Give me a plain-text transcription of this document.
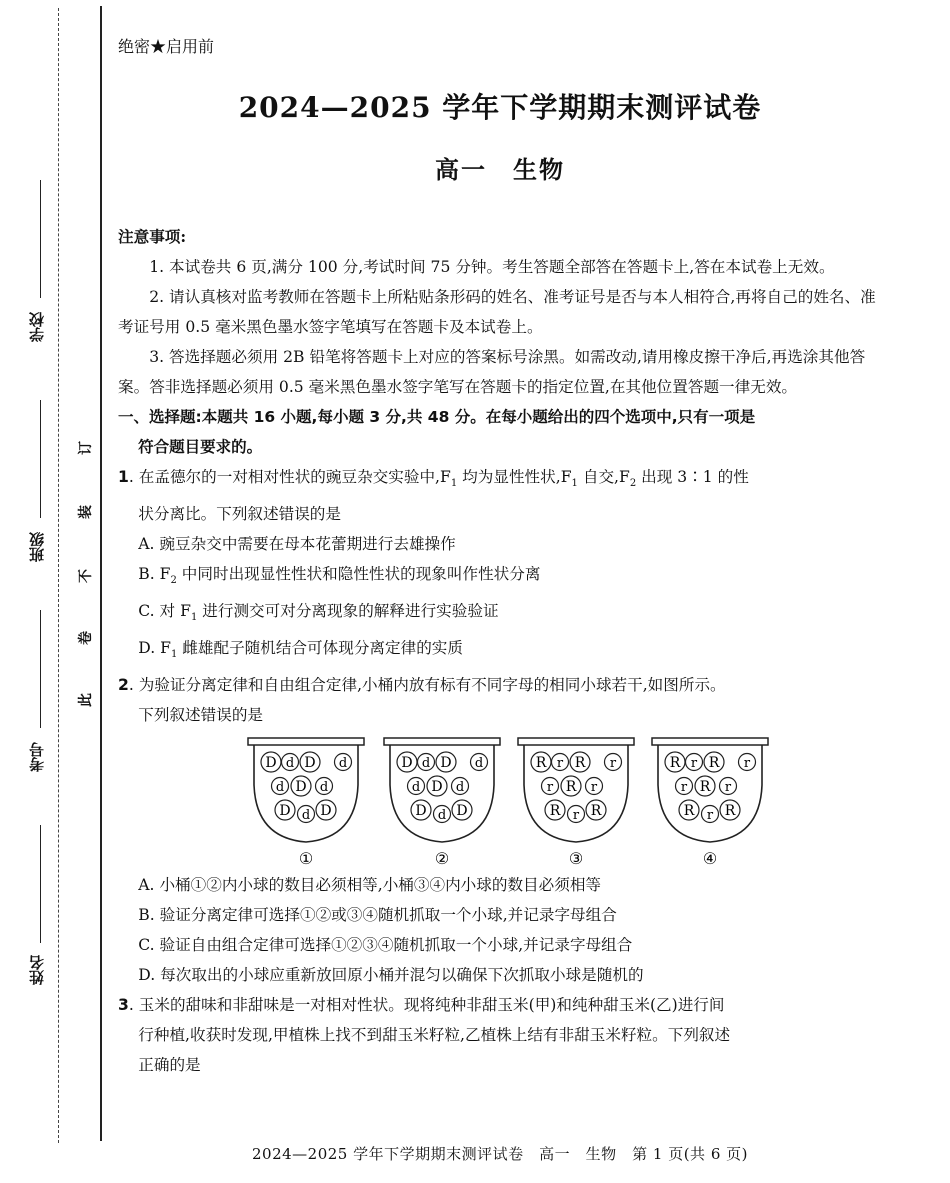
学校
班级
考号
姓名
订
装
不
卷
此
绝密★启用前
2024—2025 学年下学期期末测评试卷
高一　生物

注意事项:

1. 本试卷共 6 页,满分 100 分,考试时间 75 分钟。考生答题全部答在答题卡上,答在本试卷上无效。

2. 请认真核对监考教师在答题卡上所粘贴条形码的姓名、准考证号是否与本人相符合,再将自己的姓名、准考证号用 0.5 毫米黑色墨水签字笔填写在答题卡及本试卷上。

3. 答选择题必须用 2B 铅笔将答题卡上对应的答案标号涂黑。如需改动,请用橡皮擦干净后,再选涂其他答案。答非选择题必须用 0.5 毫米黑色墨水签字笔写在答题卡的指定位置,在其他位置答题一律无效。

一、选择题:本题共 16 小题,每小题 3 分,共 48 分。在每小题给出的四个选项中,只有一项是

符合题目要求的。

1. 在孟德尔的一对相对性状的豌豆杂交实验中$,F_1$ 均为显性性状$,F_1$ 自交$,F_2$ 出现 3∶1 的性

状分离比。下列叙述错误的是

A. 豌豆杂交中需要在母本花蕾期进行去雄操作

B. $F_2$ 中同时出现显性性状和隐性性状的现象叫作性状分离

C. 对 $F_1$ 进行测交可对分离现象的解释进行实验验证

D. $F_1$ 雌雄配子随机结合可体现分离定律的实质

2. 为验证分离定律和自由组合定律,小桶内放有标有不同字母的相同小球若干,如图所示。

下列叙述错误的是

D d D d
d D d
D d D
①
D d D d
d D d
D d D
②
R r R r
r R r
R r R
③
R r R r
r R r
R r R
④

A. 小桶①②内小球的数目必须相等,小桶③④内小球的数目必须相等

B. 验证分离定律可选择①②或③④随机抓取一个小球,并记录字母组合

C. 验证自由组合定律可选择①②③④随机抓取一个小球,并记录字母组合

D. 每次取出的小球应重新放回原小桶并混匀以确保下次抓取小球是随机的

3. 玉米的甜味和非甜味是一对相对性状。现将纯种非甜玉米(甲)和纯种甜玉米(乙)进行间

行种植,收获时发现,甲植株上找不到甜玉米籽粒,乙植株上结有非甜玉米籽粒。下列叙述

正确的是

2024—2025 学年下学期期末测评试卷　高一　生物　第 1 页(共 6 页)
